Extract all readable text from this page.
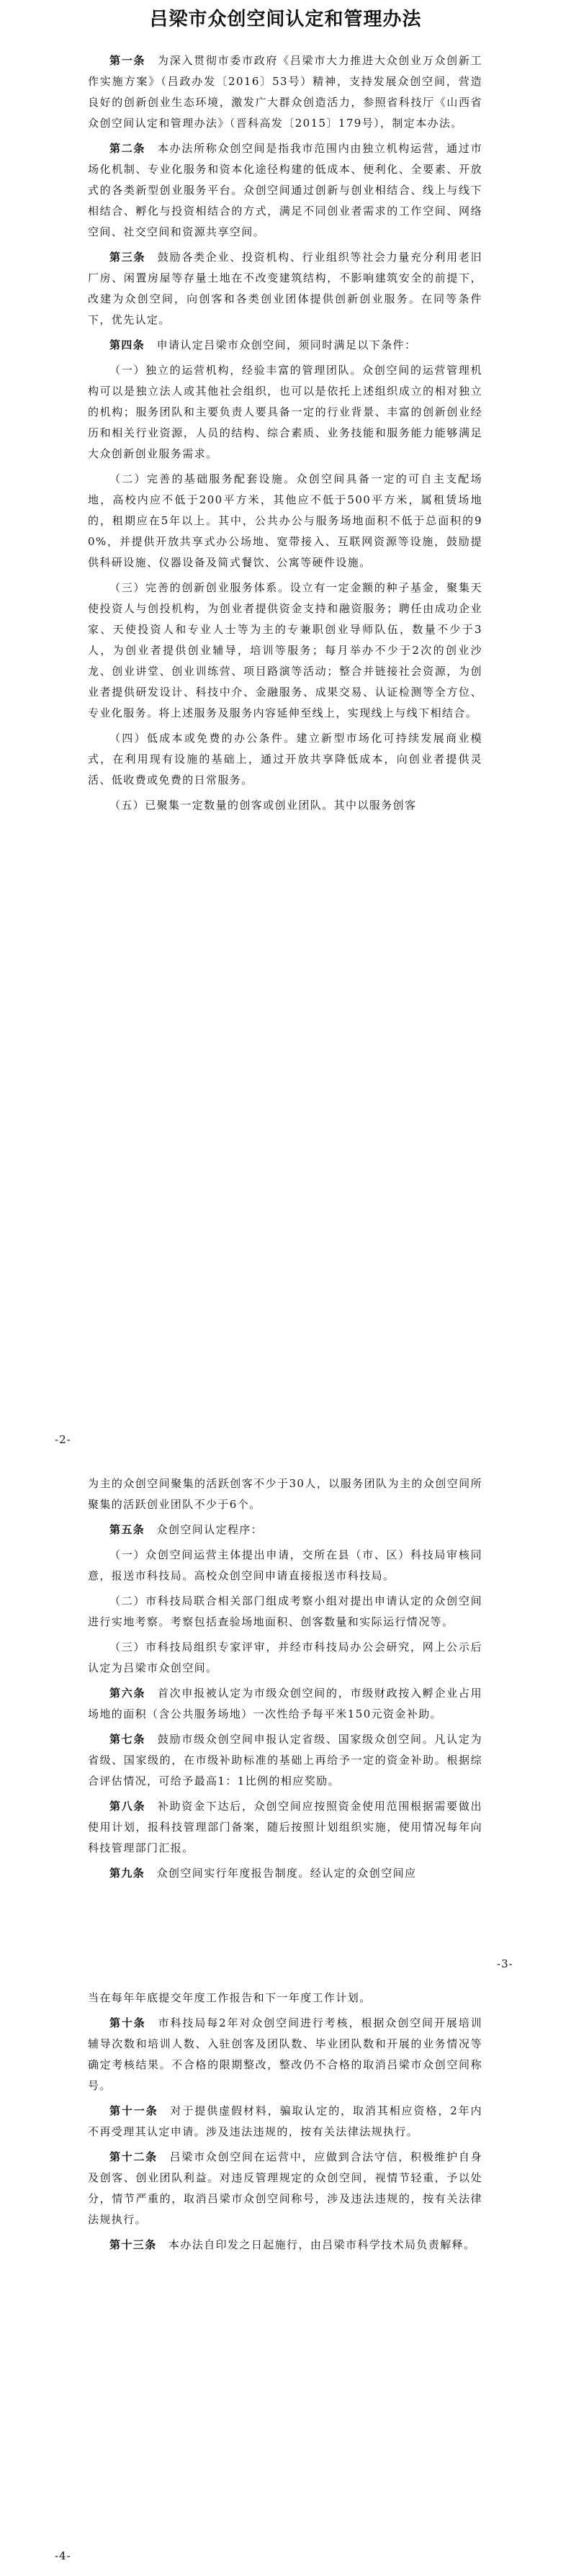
吕梁市众创空间认定和管理办法

第一条　 为深入贯彻市委市政府《吕梁市大力推进大众创业万众创新工作实施方案》（吕政办发〔2016〕53号）精神，支持发展众创空间，营造良好的创新创业生态环境，激发广大群众创造活力，参照省科技厅《山西省众创空间认定和管理办法》（晋科高发〔2015〕179号），制定本办法。

第二条　 本办法所称众创空间是指我市范围内由独立机构运营，通过市场化机制、专业化服务和资本化途径构建的低成本、便利化、全要素、开放式的各类新型创业服务平台。众创空间通过创新与创业相结合、线上与线下相结合、孵化与投资相结合的方式，满足不同创业者需求的工作空间、网络空间、社交空间和资源共享空间。

第三条　 鼓励各类企业、投资机构、行业组织等社会力量充分利用老旧厂房、闲置房屋等存量土地在不改变建筑结构，不影响建筑安全的前提下，改建为众创空间，向创客和各类创业团体提供创新创业服务。在同等条件下，优先认定。

第四条　 申请认定吕梁市众创空间，须同时满足以下条件：

（一）独立的运营机构，经验丰富的管理团队。众创空间的运营管理机构可以是独立法人或其他社会组织，也可以是依托上述组织成立的相对独立的机构；服务团队和主要负责人要具备一定的行业背景、丰富的创新创业经历和相关行业资源，人员的结构、综合素质、业务技能和服务能力能够满足大众创新创业服务需求。

（二）完善的基础服务配套设施。众创空间具备一定的可自主支配场地，高校内应不低于200平方米，其他应不低于500平方米，属租赁场地的，租期应在5年以上。其中，公共办公与服务场地面积不低于总面积的90%，并提供开放共享式办公场地、宽带接入、互联网资源等设施，鼓励提供科研设施、仪器设备及简式餐饮、公寓等硬件设施。

（三）完善的创新创业服务体系。设立有一定金额的种子基金，聚集天使投资人与创投机构，为创业者提供资金支持和融资服务；聘任由成功企业家、天使投资人和专业人士等为主的专兼职创业导师队伍，数量不少于3人，为创业者提供创业辅导，培训等服务；每月举办不少于2次的创业沙龙、创业讲堂、创业训练营、项目路演等活动；整合并链接社会资源，为创业者提供研发设计、科技中介、金融服务、成果交易、认证检测等全方位、专业化服务。将上述服务及服务内容延伸至线上，实现线上与线下相结合。

（四）低成本或免费的办公条件。建立新型市场化可持续发展商业模式，在利用现有设施的基础上，通过开放共享降低成本，向创业者提供灵活、低收费或免费的日常服务。

（五）已聚集一定数量的创客或创业团队。其中以服务创客

-2-

为主的众创空间聚集的活跃创客不少于30人，以服务团队为主的众创空间所聚集的活跃创业团队不少于6个。

第五条　 众创空间认定程序：

（一）众创空间运营主体提出申请，交所在县（市、区）科技局审核同意，报送市科技局。高校众创空间申请直接报送市科技局。

（二）市科技局联合相关部门组成考察小组对提出申请认定的众创空间进行实地考察。考察包括查验场地面积、创客数量和实际运行情况等。

（三）市科技局组织专家评审，并经市科技局办公会研究，网上公示后认定为吕梁市众创空间。

第六条　 首次申报被认定为市级众创空间的，市级财政按入孵企业占用场地的面积（含公共服务场地）一次性给予每平米150元资金补助。

第七条　 鼓励市级众创空间申报认定省级、国家级众创空间。凡认定为省级、国家级的，在市级补助标准的基础上再给予一定的资金补助。根据综合评估情况，可给予最高1：1比例的相应奖励。

第八条　 补助资金下达后，众创空间应按照资金使用范围根据需要做出使用计划，报科技管理部门备案，随后按照计划组织实施，使用情况每年向科技管理部门汇报。

第九条　 众创空间实行年度报告制度。经认定的众创空间应

-3-

当在每年年底提交年度工作报告和下一年度工作计划。

第十条　 市科技局每2年对众创空间进行考核，根据众创空间开展培训辅导次数和培训人数、入驻创客及团队数、毕业团队数和开展的业务情况等确定考核结果。不合格的限期整改，整改仍不合格的取消吕梁市众创空间称号。

第十一条　 对于提供虚假材料，骗取认定的，取消其相应资格，2年内不再受理其认定申请。涉及违法违规的，按有关法律法规执行。

第十二条　 吕梁市众创空间在运营中，应做到合法守信，积极维护自身及创客、创业团队利益。对违反管理规定的众创空间，视情节轻重，予以处分，情节严重的，取消吕梁市众创空间称号，涉及违法违规的，按有关法律法规执行。

第十三条　 本办法自印发之日起施行，由吕梁市科学技术局负责解释。

-4-
